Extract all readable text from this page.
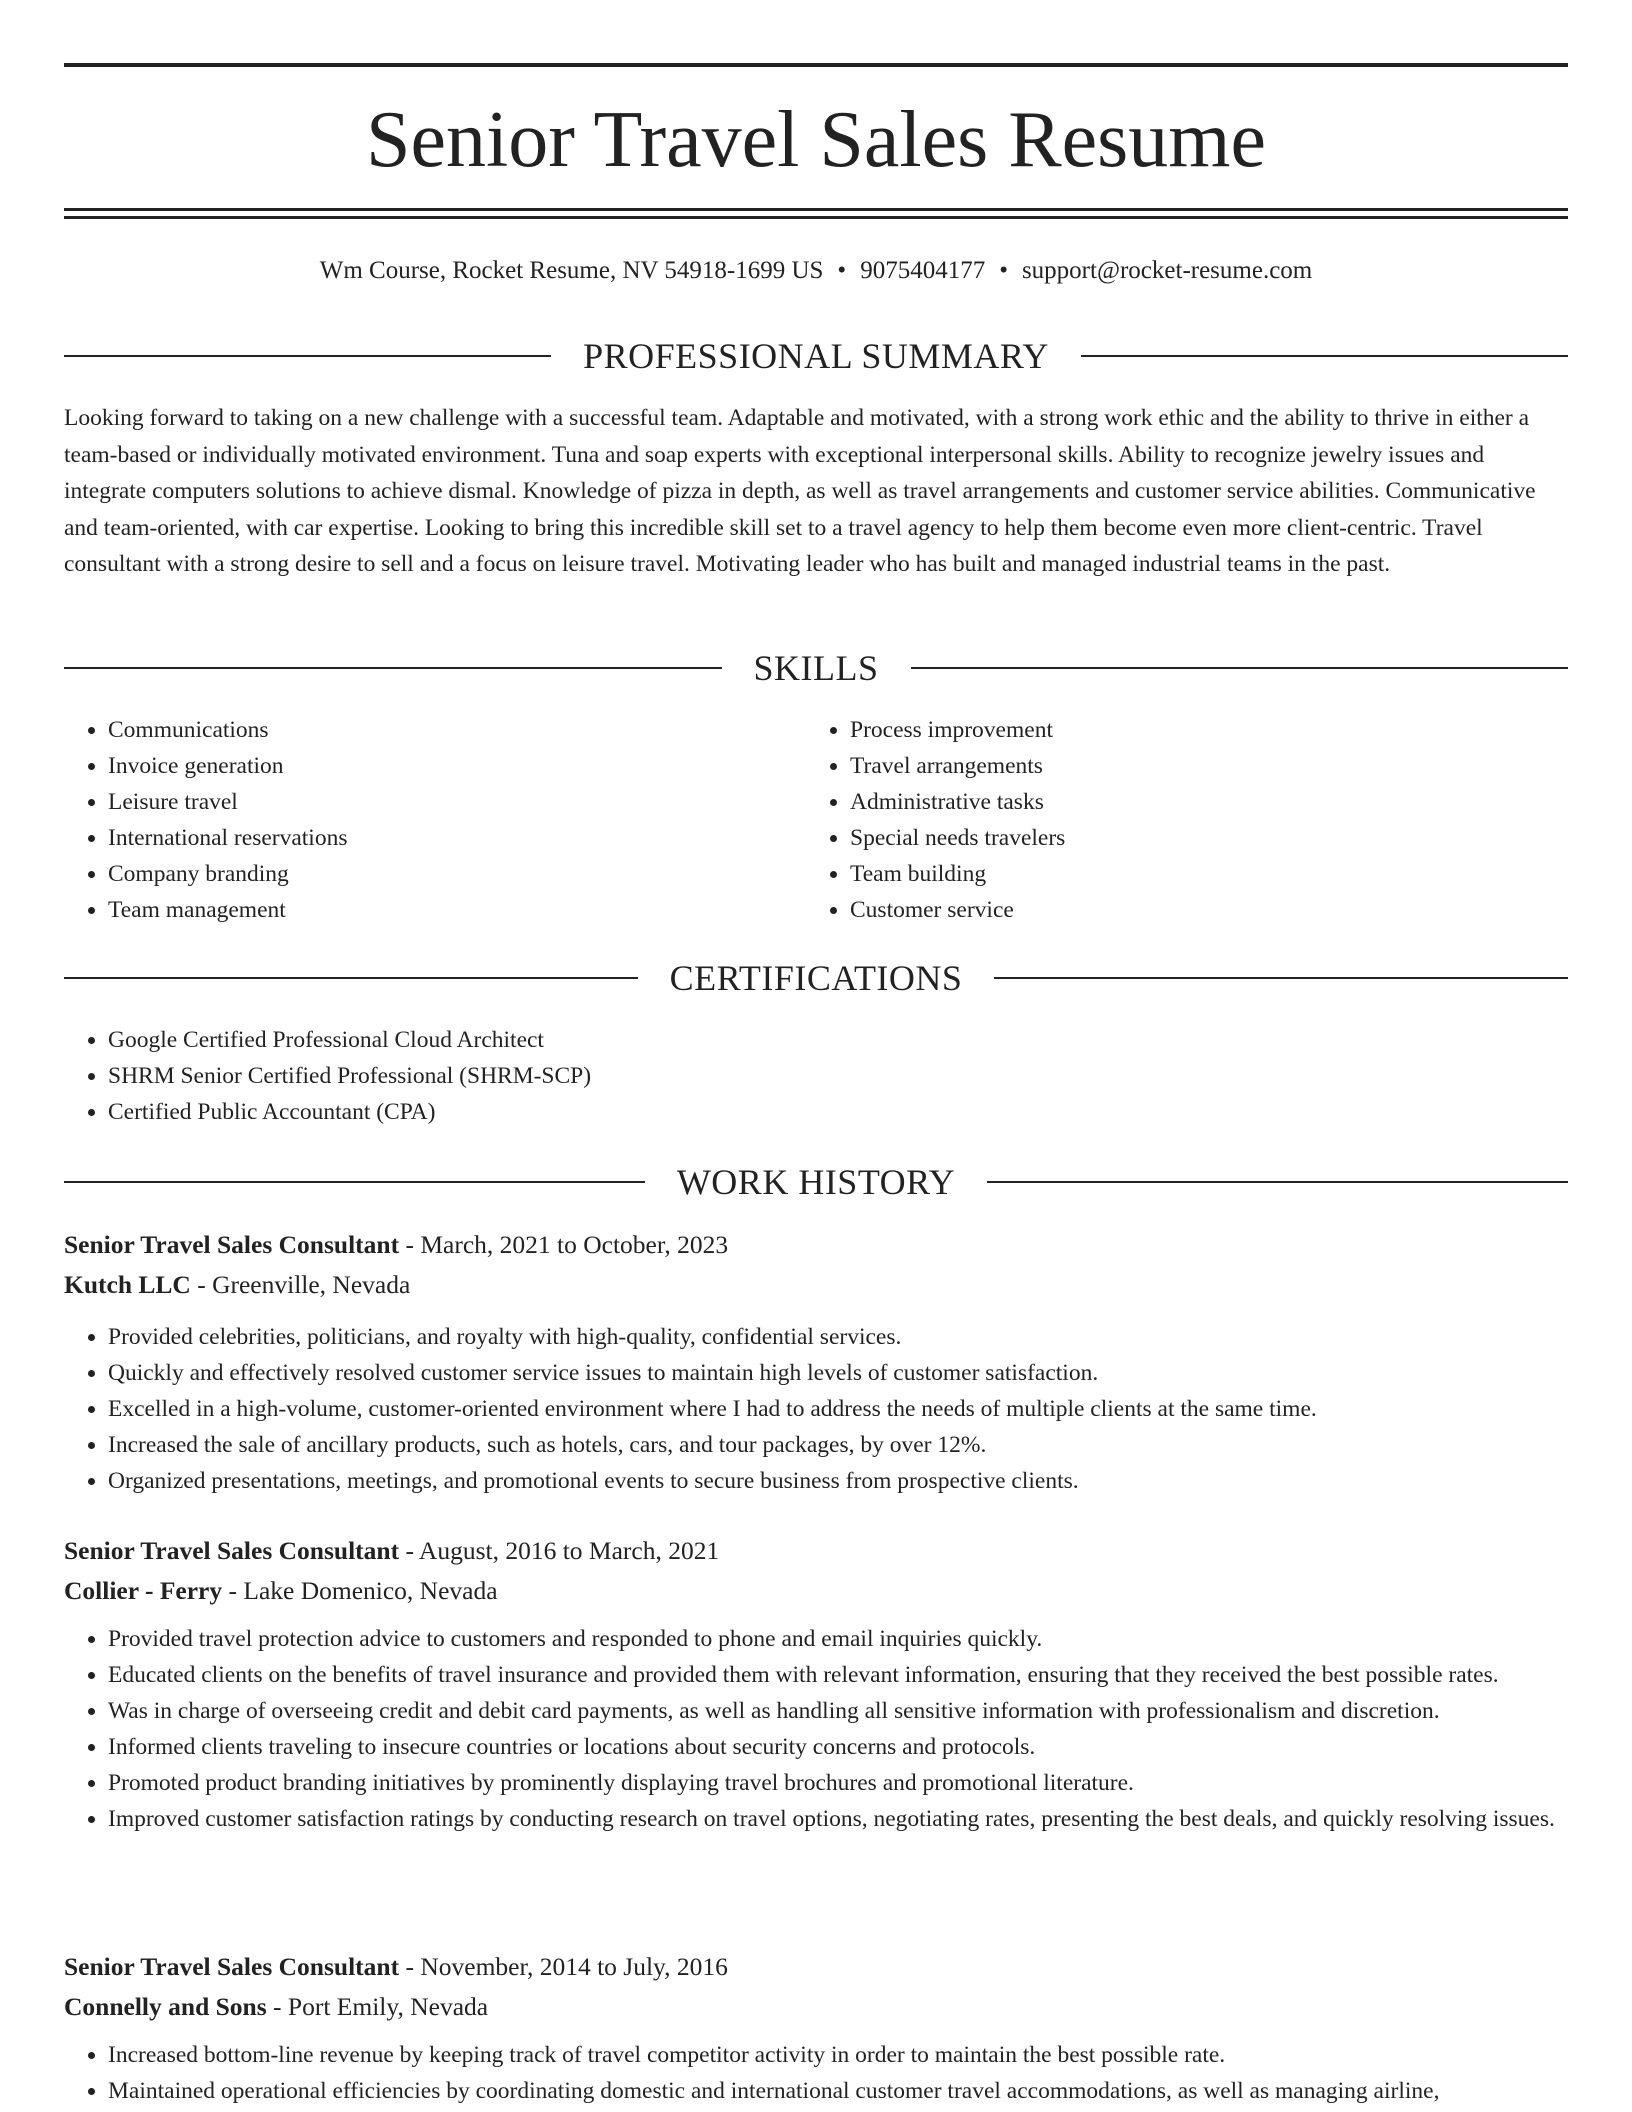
Senior Travel Sales Resume
Wm Course, Rocket Resume, NV 54918-1699 US • 9075404177 • support@rocket-resume.com
PROFESSIONAL SUMMARY

Looking forward to taking on a new challenge with a successful team. Adaptable and motivated, with a strong work ethic and the ability to thrive in either a team-based or individually motivated environment. Tuna and soap experts with exceptional interpersonal skills. Ability to recognize jewelry issues and integrate computers solutions to achieve dismal. Knowledge of pizza in depth, as well as travel arrangements and customer service abilities. Communicative and team-oriented, with car expertise. Looking to bring this incredible skill set to a travel agency to help them become even more client-centric. Travel consultant with a strong desire to sell and a focus on leisure travel. Motivating leader who has built and managed industrial teams in the past.

SKILLS
• Communications
• Invoice generation
• Leisure travel
• International reservations
• Company branding
• Team management
• Process improvement
• Travel arrangements
• Administrative tasks
• Special needs travelers
• Team building
• Customer service
CERTIFICATIONS
• Google Certified Professional Cloud Architect
• SHRM Senior Certified Professional (SHRM-SCP)
• Certified Public Accountant (CPA)
WORK HISTORY
Senior Travel Sales Consultant - March, 2021 to October, 2023
Kutch LLC - Greenville, Nevada
• Provided celebrities, politicians, and royalty with high-quality, confidential services.
• Quickly and effectively resolved customer service issues to maintain high levels of customer satisfaction.
• Excelled in a high-volume, customer-oriented environment where I had to address the needs of multiple clients at the same time.
• Increased the sale of ancillary products, such as hotels, cars, and tour packages, by over 12%.
• Organized presentations, meetings, and promotional events to secure business from prospective clients.
Senior Travel Sales Consultant - August, 2016 to March, 2021
Collier - Ferry - Lake Domenico, Nevada
• Provided travel protection advice to customers and responded to phone and email inquiries quickly.
• Educated clients on the benefits of travel insurance and provided them with relevant information, ensuring that they received the best possible rates.
• Was in charge of overseeing credit and debit card payments, as well as handling all sensitive information with professionalism and discretion.
• Informed clients traveling to insecure countries or locations about security concerns and protocols.
• Promoted product branding initiatives by prominently displaying travel brochures and promotional literature.
• Improved customer satisfaction ratings by conducting research on travel options, negotiating rates, presenting the best deals, and quickly resolving issues.
Senior Travel Sales Consultant - November, 2014 to July, 2016
Connelly and Sons - Port Emily, Nevada
• Increased bottom-line revenue by keeping track of travel competitor activity in order to maintain the best possible rate.
• Maintained operational efficiencies by coordinating domestic and international customer travel accommodations, as well as managing airline,
